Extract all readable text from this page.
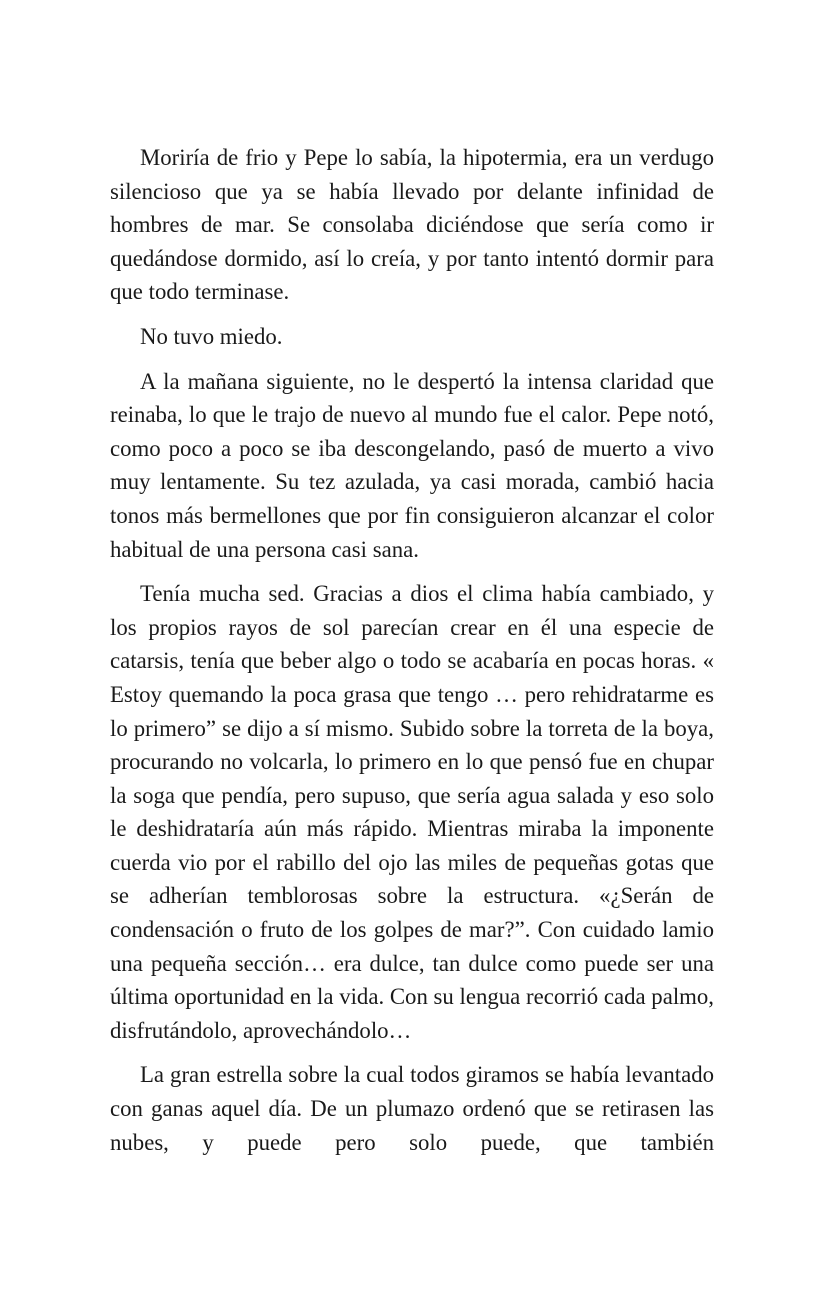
Moriría de frio y Pepe lo sabía, la hipotermia, era un verdugo silencioso que ya se había llevado por delante infinidad de hombres de mar. Se consolaba diciéndose que sería como ir quedándose dormido, así lo creía, y por tanto intentó dormir para que todo terminase.

No tuvo miedo.

A la mañana siguiente, no le despertó la intensa claridad que reinaba, lo que le trajo de nuevo al mundo fue el calor. Pepe notó, como poco a poco se iba descongelando, pasó de muerto a vivo muy lentamente. Su tez azulada, ya casi morada, cambió hacia tonos más bermellones que por fin consiguieron alcanzar el color habitual de una persona casi sana.

Tenía mucha sed. Gracias a dios el clima había cambiado, y los propios rayos de sol parecían crear en él una especie de catarsis, tenía que beber algo o todo se acabaría en pocas horas. « Estoy quemando la poca grasa que tengo … pero rehidratarme es lo primero” se dijo a sí mismo. Subido sobre la torreta de la boya, procurando no volcarla, lo primero en lo que pensó fue en chupar la soga que pendía, pero supuso, que sería agua salada y eso solo le deshidrataría aún más rápido. Mientras miraba la imponente cuerda vio por el rabillo del ojo las miles de pequeñas gotas que se adherían temblorosas sobre la estructura. «¿Serán de condensación o fruto de los golpes de mar?”. Con cuidado lamio una pequeña sección… era dulce, tan dulce como puede ser una última oportunidad en la vida. Con su lengua recorrió cada palmo, disfrutándolo, aprovechándolo…

La gran estrella sobre la cual todos giramos se había levantado con ganas aquel día. De un plumazo ordenó que se retirasen las nubes, y puede pero solo puede, que también
